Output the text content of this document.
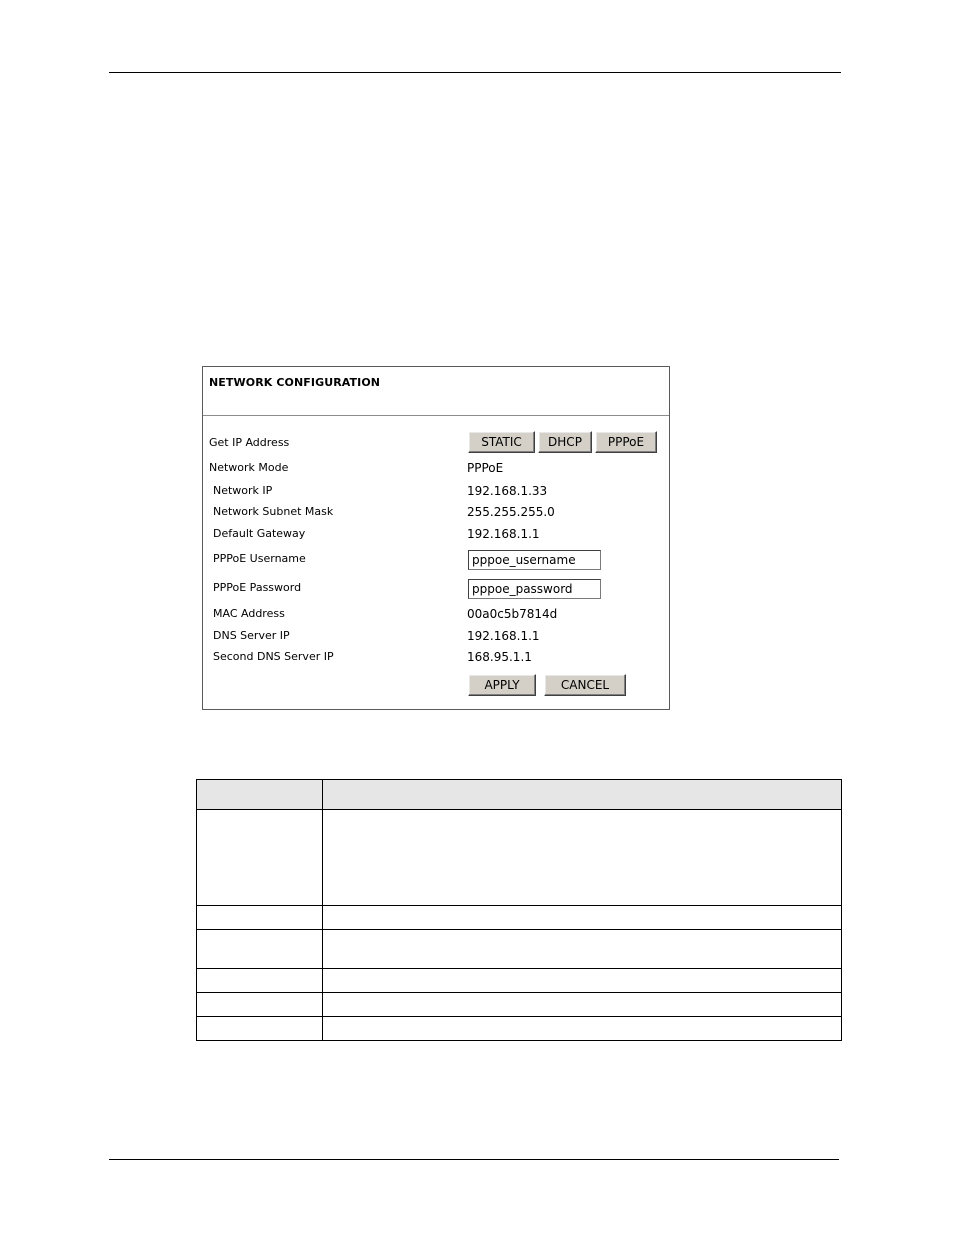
NETWORK CONFIGURATION
Get IP Address	STATIC	DHCP	PPPoE
Network Mode	PPPoE
Network IP	192.168.1.33
Network Subnet Mask	255.255.255.0
Default Gateway	192.168.1.1
PPPoE Username	pppoe_username
PPPoE Password	pppoe_password
MAC Address	00a0c5b7814d
DNS Server IP	192.168.1.1
Second DNS Server IP	168.95.1.1
APPLY	CANCEL
